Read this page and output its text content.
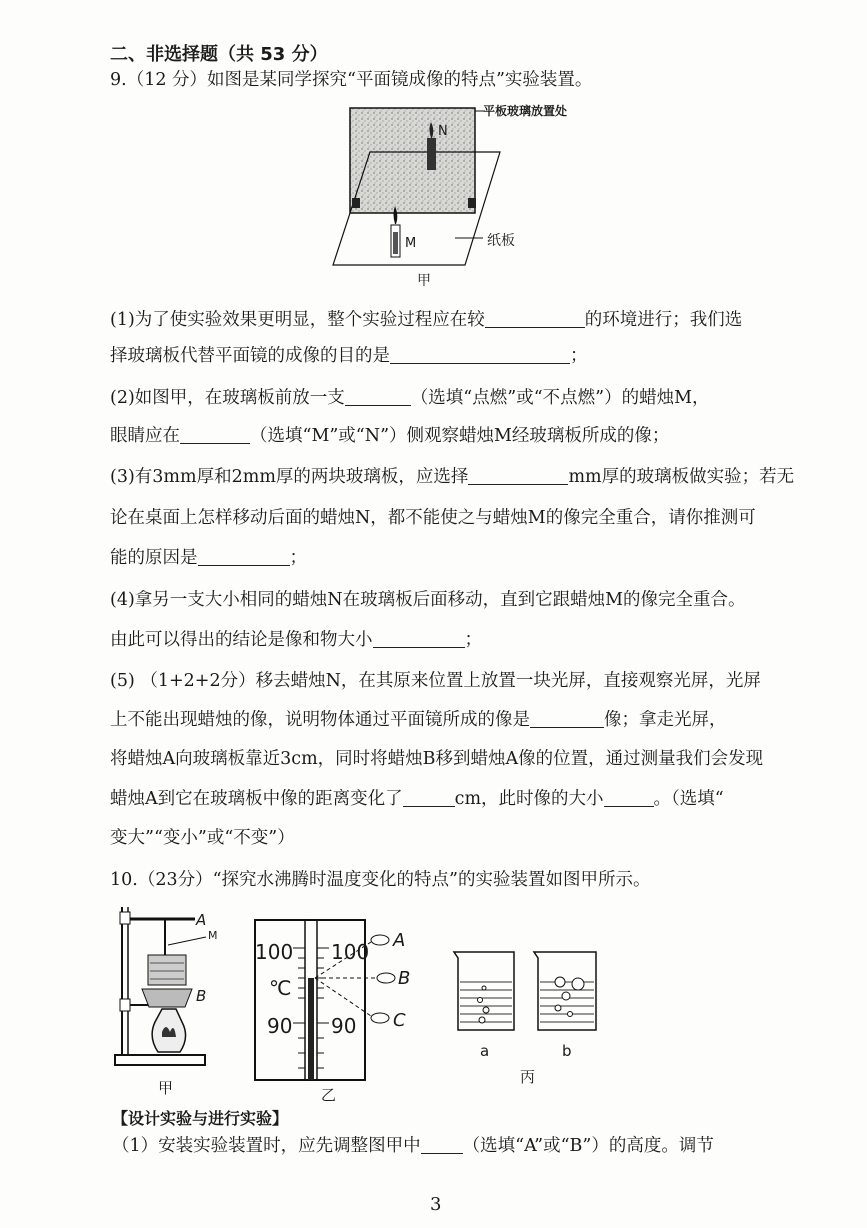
二、非选择题（共 53 分）
9.（12 分）如图是某同学探究“平面镜成像的特点”实验装置。
平板玻璃放置处
N
M	纸板
甲
(1)为了使实验效果更明显，整个实验过程应在较	的环境进行；我们选
择玻璃板代替平面镜的成像的目的是	；
(2)如图甲，在玻璃板前放一支	（选填“点燃”或“不点燃”）的蜡烛M，
眼睛应在	（选填“M”或“N”）侧观察蜡烛M经玻璃板所成的像；
(3)有3mm厚和2mm厚的两块玻璃板，应选择	mm厚的玻璃板做实验；若无
论在桌面上怎样移动后面的蜡烛N，都不能使之与蜡烛M的像完全重合，请你推测可
能的原因是	；
(4)拿另一支大小相同的蜡烛N在玻璃板后面移动，直到它跟蜡烛M的像完全重合。
由此可以得出的结论是像和物大小	；
(5) （1+2+2分）移去蜡烛N，在其原来位置上放置一块光屏，直接观察光屏，光屏
上不能出现蜡烛的像，说明物体通过平面镜所成的像是	像；拿走光屏，
将蜡烛A向玻璃板靠近3cm，同时将蜡烛B移到蜡烛A像的位置，通过测量我们会发现
蜡烛A到它在玻璃板中像的距离变化了	cm，此时像的大小	。（选填“
变大”“变小”或“不变”）
10.（23分）“探究水沸腾时温度变化的特点”的实验装置如图甲所示。
A
M
B
甲
100 100
℃
90 90
A
B
C
乙
a	b
丙
【设计实验与进行实验】
（1）安装实验装置时，应先调整图甲中 （选填“A”或“B”）的高度。调节
3
